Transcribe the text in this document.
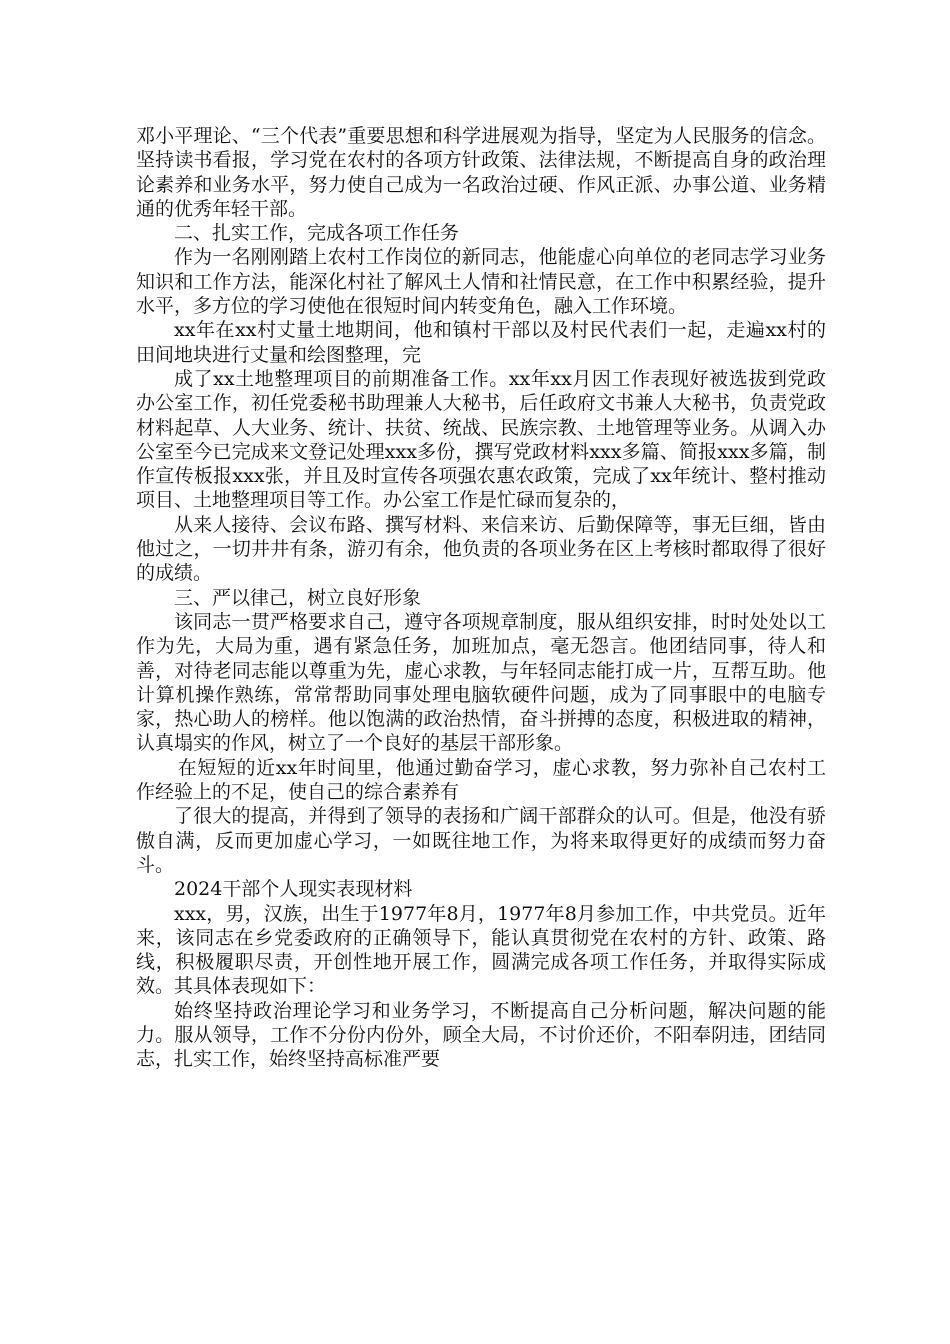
邓小平理论、“三个代表”重要思想和科学进展观为指导，坚定为人民服务的信念。坚持读书看报，学习党在农村的各项方针政策、法律法规，不断提高自身的政治理论素养和业务水平，努力使自己成为一名政治过硬、作风正派、办事公道、业务精通的优秀年轻干部。

二、扎实工作，完成各项工作任务

作为一名刚刚踏上农村工作岗位的新同志，他能虚心向单位的老同志学习业务知识和工作方法，能深化村社了解风土人情和社情民意，在工作中积累经验，提升水平，多方位的学习使他在很短时间内转变角色，融入工作环境。

xx年在xx村丈量土地期间，他和镇村干部以及村民代表们一起，走遍xx村的田间地块进行丈量和绘图整理，完

成了xx土地整理项目的前期准备工作。xx年xx月因工作表现好被选拔到党政办公室工作，初任党委秘书助理兼人大秘书，后任政府文书兼人大秘书，负责党政材料起草、人大业务、统计、扶贫、统战、民族宗教、土地管理等业务。从调入办公室至今已完成来文登记处理xxx多份，撰写党政材料xxx多篇、简报xxx多篇，制作宣传板报xxx张，并且及时宣传各项强农惠农政策，完成了xx年统计、整村推动项目、土地整理项目等工作。办公室工作是忙碌而复杂的，

从来人接待、会议布路、撰写材料、来信来访、后勤保障等，事无巨细，皆由他过之，一切井井有条，游刃有余，他负责的各项业务在区上考核时都取得了很好的成绩。

三、严以律己，树立良好形象

该同志一贯严格要求自己，遵守各项规章制度，服从组织安排，时时处处以工作为先，大局为重，遇有紧急任务，加班加点，毫无怨言。他团结同事，待人和善，对待老同志能以尊重为先，虚心求教，与年轻同志能打成一片，互帮互助。他计算机操作熟练，常常帮助同事处理电脑软硬件问题，成为了同事眼中的电脑专家，热心助人的榜样。他以饱满的政治热情，奋斗拼搏的态度，积极进取的精神，认真塌实的作风，树立了一个良好的基层干部形象。

在短短的近xx年时间里，他通过勤奋学习，虚心求教，努力弥补自己农村工作经验上的不足，使自己的综合素养有

了很大的提高，并得到了领导的表扬和广阔干部群众的认可。但是，他没有骄傲自满，反而更加虚心学习，一如既往地工作，为将来取得更好的成绩而努力奋斗。

2024干部个人现实表现材料

xxx，男，汉族，出生于1977年8月，1977年8月参加工作，中共党员。近年来，该同志在乡党委政府的正确领导下，能认真贯彻党在农村的方针、政策、路线，积极履职尽责，开创性地开展工作，圆满完成各项工作任务，并取得实际成效。其具体表现如下：

始终坚持政治理论学习和业务学习，不断提高自己分析问题，解决问题的能力。服从领导，工作不分份内份外，顾全大局，不讨价还价，不阳奉阴违，团结同志，扎实工作，始终坚持高标准严要
